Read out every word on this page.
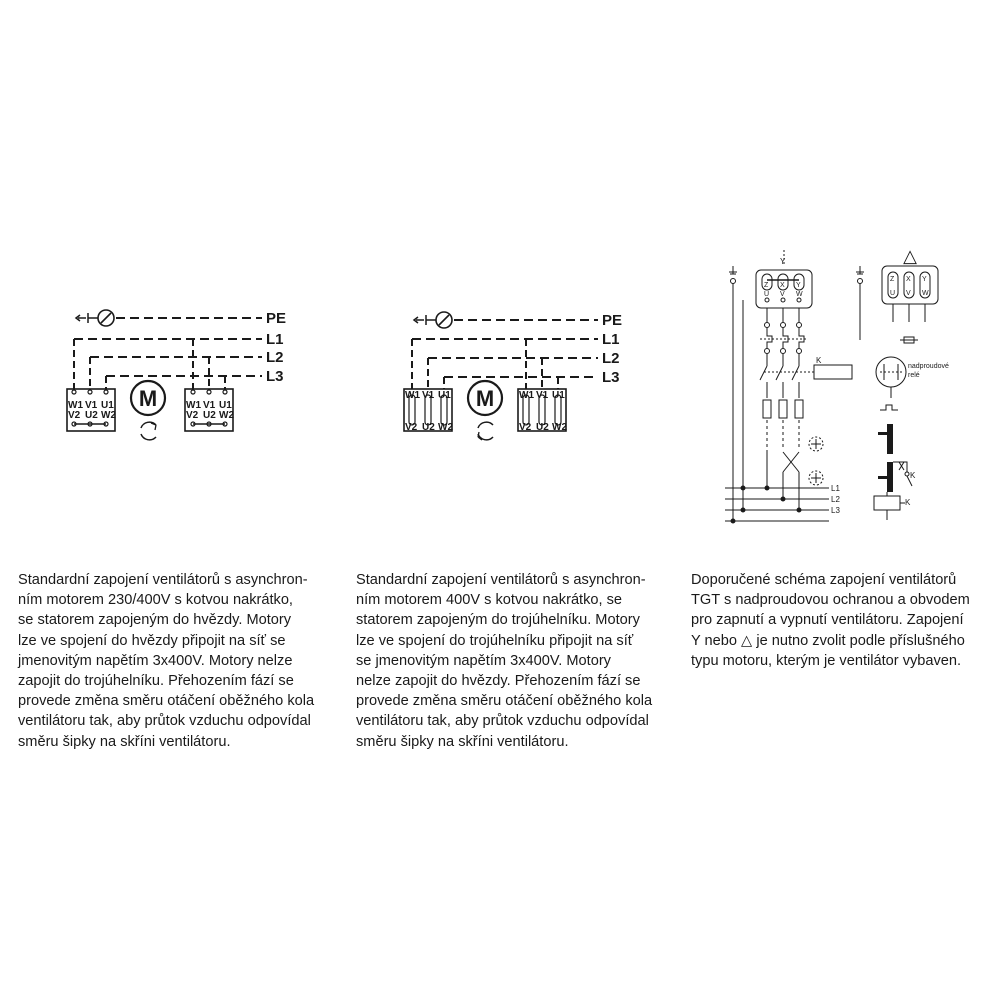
PE
L1
L2
L3
W1 V1 U1
V2 U2 W2
W1 V1 U1
V2 U2 W2
M
PE
L1
L2
L3
W1 V1 U1
V2 U2 W2
W1 V1 U1
V2 U2 W2
M
Y	△
Z X Y
U V W
Z X Y
U V W
K
nadproudové
relé
K
K
L1
L2
L3
Standardní zapojení ventilátorů s asynchron-
ním motorem 230/400V s kotvou nakrátko,
se statorem zapojeným do hvězdy. Motory
lze ve spojení do hvězdy připojit na síť se
jmenovitým napětím 3x400V. Motory nelze
zapojit do trojúhelníku. Přehozením fází se
provede změna směru otáčení oběžného kola
ventilátoru tak, aby průtok vzduchu odpovídal
směru šipky na skříni ventilátoru.
Standardní zapojení ventilátorů s asynchron-
ním motorem 400V s kotvou nakrátko, se
statorem zapojeným do trojúhelníku. Motory
lze ve spojení do trojúhelníku připojit na síť
se jmenovitým napětím 3x400V. Motory
nelze zapojit do hvězdy. Přehozením fází se
provede změna směru otáčení oběžného kola
ventilátoru tak, aby průtok vzduchu odpovídal
směru šipky na skříni ventilátoru.
Doporučené schéma zapojení ventilátorů
TGT s nadproudovou ochranou a obvodem
pro zapnutí a vypnutí ventilátoru. Zapojení
Y nebo △ je nutno zvolit podle příslušného
typu motoru, kterým je ventilátor vybaven.
